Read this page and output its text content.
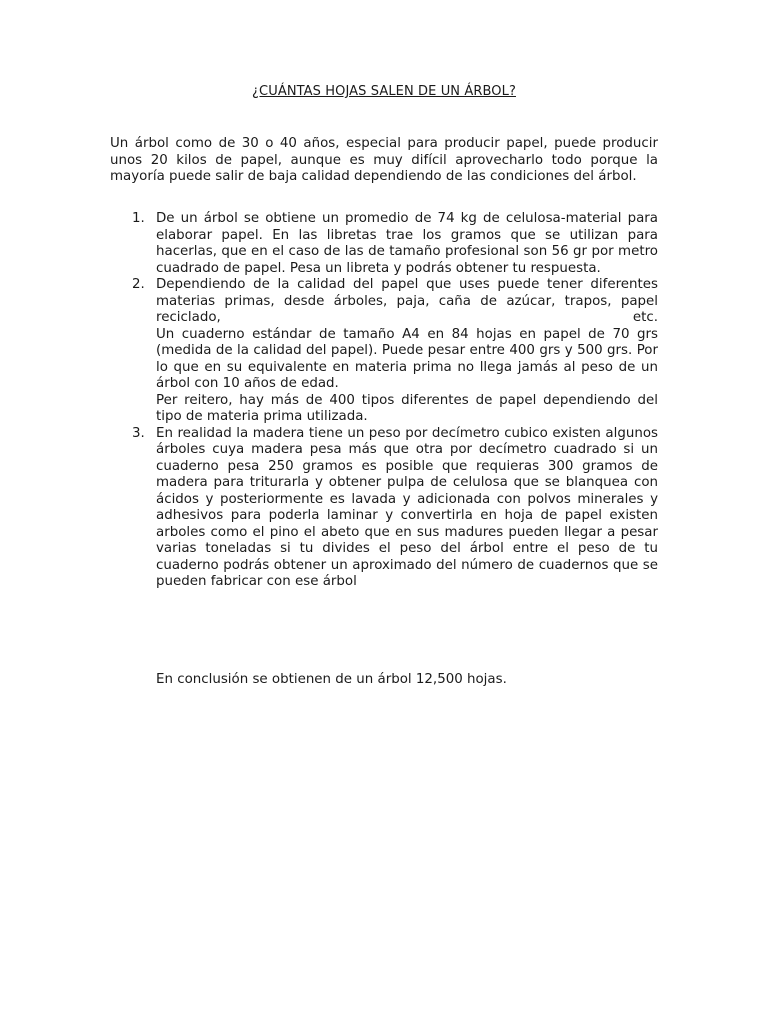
¿CUÁNTAS HOJAS SALEN DE UN ÁRBOL?

Un árbol como de 30 o 40 años, especial para producir papel, puede producir unos 20 kilos de papel, aunque es muy difícil aprovecharlo todo porque la mayoría puede salir de baja calidad dependiendo de las condiciones del árbol.

1. De un árbol se obtiene un promedio de 74 kg de celulosa-material para elaborar papel. En las libretas trae los gramos que se utilizan para hacerlas, que en el caso de las de tamaño profesional son 56 gr por metro cuadrado de papel. Pesa un libreta y podrás obtener tu respuesta.

2. Dependiendo de la calidad del papel que uses puede tener diferentes materias primas, desde árboles, paja, caña de azúcar, trapos, papel reciclado, etc.

Un cuaderno estándar de tamaño A4 en 84 hojas en papel de 70 grs (medida de la calidad del papel). Puede pesar entre 400 grs y 500 grs. Por lo que en su equivalente en materia prima no llega jamás al peso de un árbol con 10 años de edad.

Per reitero, hay más de 400 tipos diferentes de papel dependiendo del tipo de materia prima utilizada.

3. En realidad la madera tiene un peso por decímetro cubico existen algunos árboles cuya madera pesa más que otra por decímetro cuadrado si un cuaderno pesa 250 gramos es posible que requieras 300 gramos de madera para triturarla y obtener pulpa de celulosa que se blanquea con ácidos y posteriormente es lavada y adicionada con polvos minerales y adhesivos para poderla laminar y convertirla en hoja de papel existen arboles como el pino el abeto que en sus madures pueden llegar a pesar varias toneladas si tu divides el peso del árbol entre el peso de tu cuaderno podrás obtener un aproximado del número de cuadernos que se pueden fabricar con ese árbol

En conclusión se obtienen de un árbol 12,500 hojas.
